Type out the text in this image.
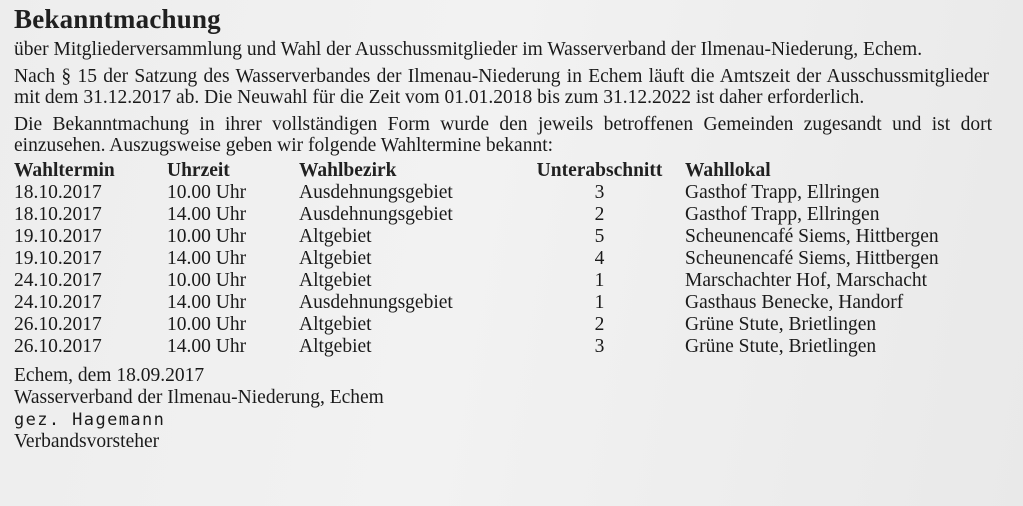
Bekanntmachung

über Mitgliederversammlung und Wahl der Ausschussmitglieder im Wasserverband der Ilmenau-Niederung, Echem.

Nach § 15 der Satzung des Wasserverbandes der Ilmenau-Niederung in Echem läuft die Amtszeit der Ausschussmitglieder mit dem 31.12.2017 ab. Die Neuwahl für die Zeit vom 01.01.2018 bis zum 31.12.2022 ist daher erforderlich.

Die Bekanntmachung in ihrer vollständigen Form wurde den jeweils betroffenen Gemeinden zugesandt und ist dort einzusehen. Auszugsweise geben wir folgende Wahltermine bekannt:

Wahltermin	Uhrzeit	Wahlbezirk	Unterabschnitt	Wahllokal
18.10.2017	10.00 Uhr	Ausdehnungsgebiet	3	Gasthof Trapp, Ellringen
18.10.2017	14.00 Uhr	Ausdehnungsgebiet	2	Gasthof Trapp, Ellringen
19.10.2017	10.00 Uhr	Altgebiet	5	Scheunencafé Siems, Hittbergen
19.10.2017	14.00 Uhr	Altgebiet	4	Scheunencafé Siems, Hittbergen
24.10.2017	10.00 Uhr	Altgebiet	1	Marschachter Hof, Marschacht
24.10.2017	14.00 Uhr	Ausdehnungsgebiet	1	Gasthaus Benecke, Handorf
26.10.2017	10.00 Uhr	Altgebiet	2	Grüne Stute, Brietlingen
26.10.2017	14.00 Uhr	Altgebiet	3	Grüne Stute, Brietlingen
Echem, dem 18.09.2017
Wasserverband der Ilmenau-Niederung, Echem
gez. Hagemann
Verbandsvorsteher
